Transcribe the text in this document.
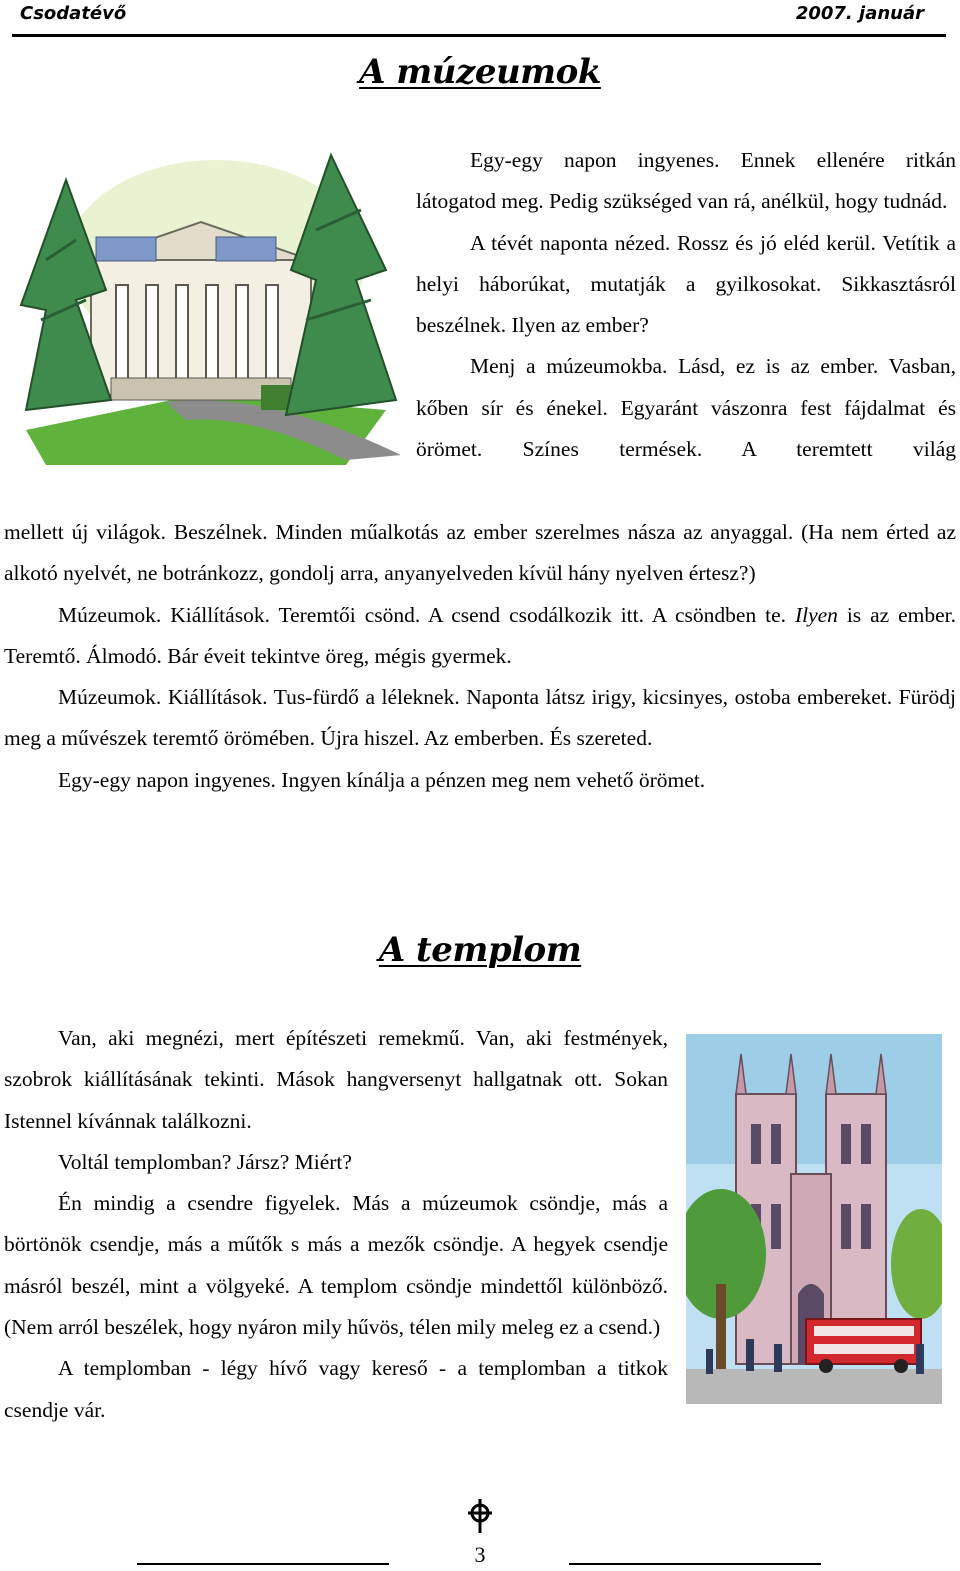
Csodatévő	2007. január
A múzeumok

Egy-egy napon ingyenes. Ennek ellenére ritkán látogatod meg. Pedig szükséged van rá, anélkül, hogy tudnád.

A tévét naponta nézed. Rossz és jó eléd kerül. Vetítik a helyi háborúkat, mutatják a gyilkosokat. Sikkasztásról beszélnek. Ilyen az ember?

Menj a múzeumokba. Lásd, ez is az ember. Vasban, kőben sír és énekel. Egyaránt vászonra fest fájdalmat és örömet. Színes termések. A teremtett világ

mellett új világok. Beszélnek. Minden műalkotás az ember szerelmes násza az anyaggal. (Ha nem érted az alkotó nyelvét, ne botránkozz, gondolj arra, anyanyelveden kívül hány nyelven értesz?)

Múzeumok. Kiállítások. Teremtői csönd. A csend csodálkozik itt. A csöndben te. Ilyen is az ember. Teremtő. Álmodó. Bár éveit tekintve öreg, mégis gyermek.

Múzeumok. Kiállítások. Tus-fürdő a léleknek. Naponta látsz irigy, kicsinyes, ostoba embereket. Fürödj meg a művészek teremtő örömében. Újra hiszel. Az emberben. És szereted.

Egy-egy napon ingyenes. Ingyen kínálja a pénzen meg nem vehető örömet.

A templom

Van, aki megnézi, mert építészeti remekmű. Van, aki festmények, szobrok kiállításának tekinti. Mások hangversenyt hallgatnak ott. Sokan Istennel kívánnak találkozni.

Voltál templomban? Jársz? Miért?

Én mindig a csendre figyelek. Más a múzeumok csöndje, más a börtönök csendje, más a műtők s más a mezők csöndje. A hegyek csendje másról beszél, mint a völgyeké. A templom csöndje mindettől különböző. (Nem arról beszélek, hogy nyáron mily hűvös, télen mily meleg ez a csend.)

A templomban - légy hívő vagy kereső - a templomban a titkok csendje vár.

3
